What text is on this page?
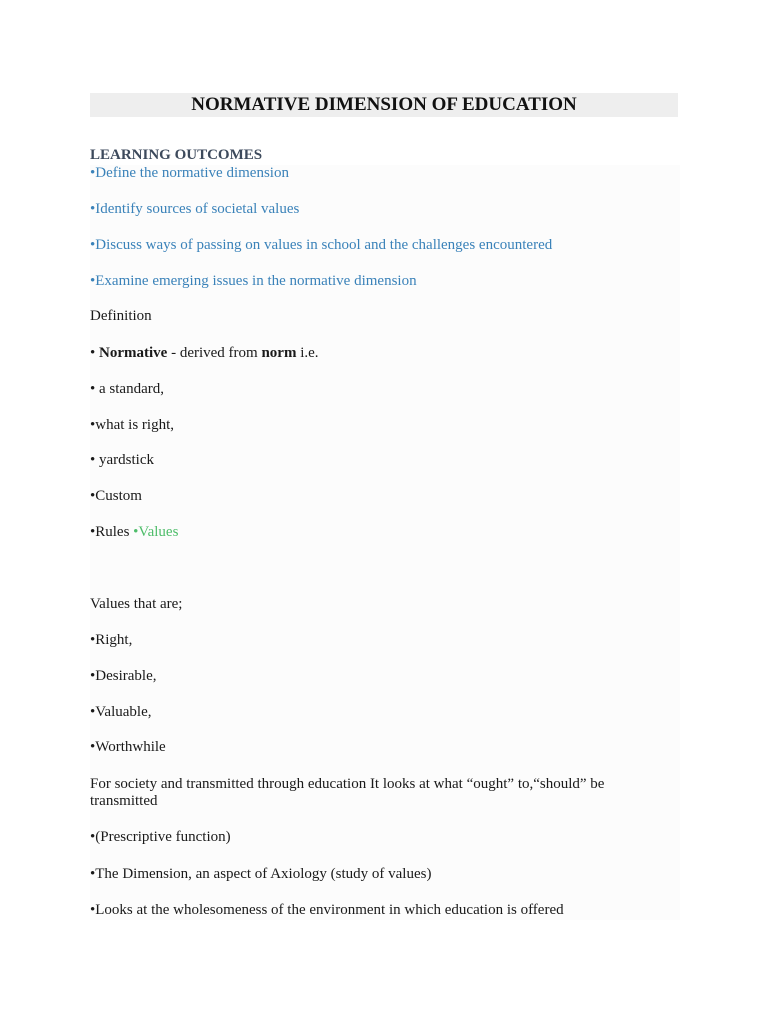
NORMATIVE DIMENSION OF EDUCATION
LEARNING OUTCOMES
•Define the normative dimension
•Identify sources of societal values
•Discuss ways of passing on values in school and the challenges encountered
•Examine emerging issues in the normative dimension
Definition
• Normative - derived from norm i.e.
• a standard,
•what is right,
• yardstick
•Custom
•Rules •Values
Values that are;
•Right,
•Desirable,
•Valuable,
•Worthwhile
For society and transmitted through education It looks at what “ought” to,“should” be transmitted
•(Prescriptive function)
•The Dimension, an aspect of Axiology (study of values)
•Looks at the wholesomeness of the environment in which education is offered
